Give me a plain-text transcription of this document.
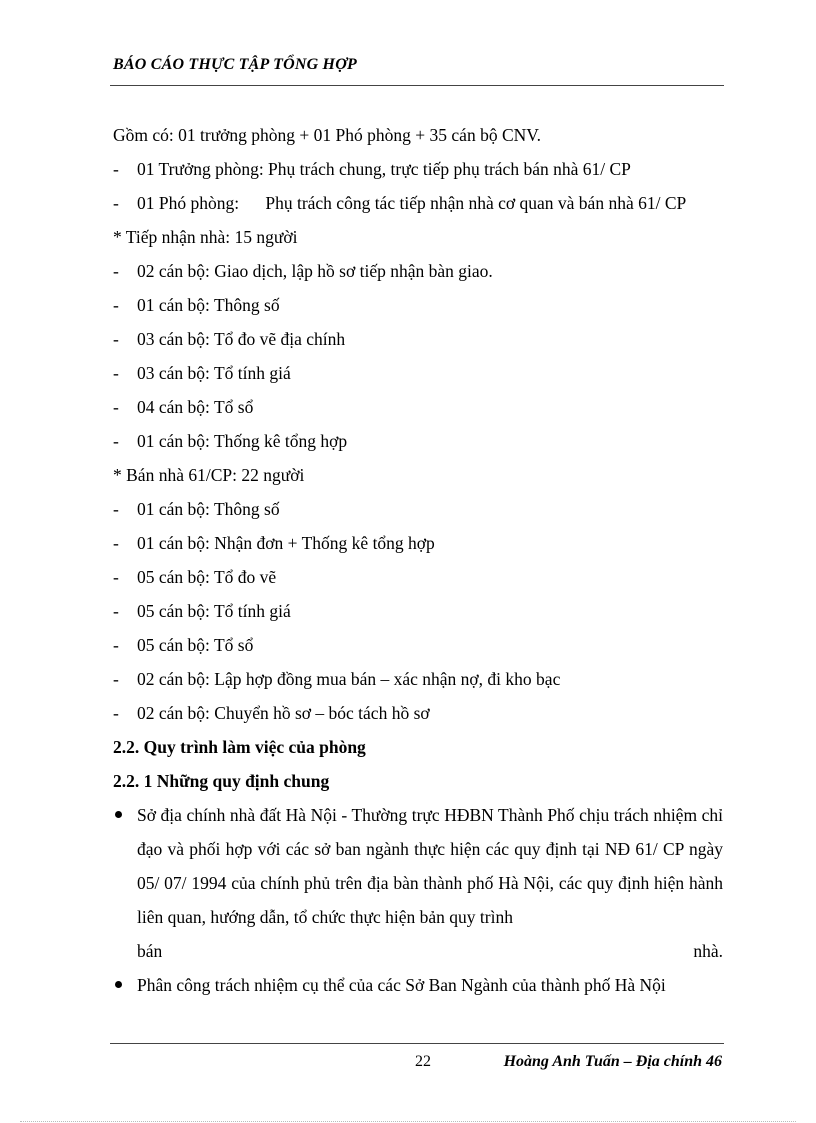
BÁO CÁO THỰC TẬP TỔNG HỢP
Gồm có: 01 trưởng phòng + 01 Phó phòng + 35 cán bộ CNV.
- 01 Trưởng phòng: Phụ trách chung, trực tiếp phụ trách bán nhà 61/ CP
- 01 Phó phòng:      Phụ trách công tác tiếp nhận nhà cơ quan và bán nhà 61/ CP
* Tiếp nhận nhà: 15 người
- 02 cán bộ: Giao dịch, lập hồ sơ tiếp nhận bàn giao.
- 01 cán bộ: Thông số
- 03 cán bộ: Tổ đo vẽ địa chính
- 03 cán bộ: Tổ tính giá
- 04 cán bộ: Tổ sổ
- 01 cán bộ: Thống kê tổng hợp
* Bán nhà 61/CP: 22 người
- 01 cán bộ: Thông số
- 01 cán bộ: Nhận đơn + Thống kê tổng hợp
- 05 cán bộ: Tổ đo vẽ
- 05 cán bộ: Tổ tính giá
- 05 cán bộ: Tổ sổ
- 02 cán bộ: Lập hợp đồng mua bán – xác nhận nợ, đi kho bạc
- 02 cán bộ: Chuyển hồ sơ – bóc tách hồ sơ
2.2. Quy trình làm việc của phòng
2.2. 1 Những quy định chung

Sở địa chính nhà đất Hà Nội - Thường trực HĐBN Thành Phố chịu trách nhiệm chỉ đạo và phối hợp với các sở ban ngành thực hiện các quy định tại NĐ 61/ CP ngày 05/ 07/ 1994 của chính phủ trên địa bàn thành phố Hà Nội, các quy định hiện hành liên quan, hướng dẫn, tổ chức thực hiện bản quy trình

bán	nhà.
Phân công trách nhiệm cụ thể của các Sở Ban Ngành của thành phố Hà Nội
22	Hoàng Anh Tuấn – Địa chính 46
